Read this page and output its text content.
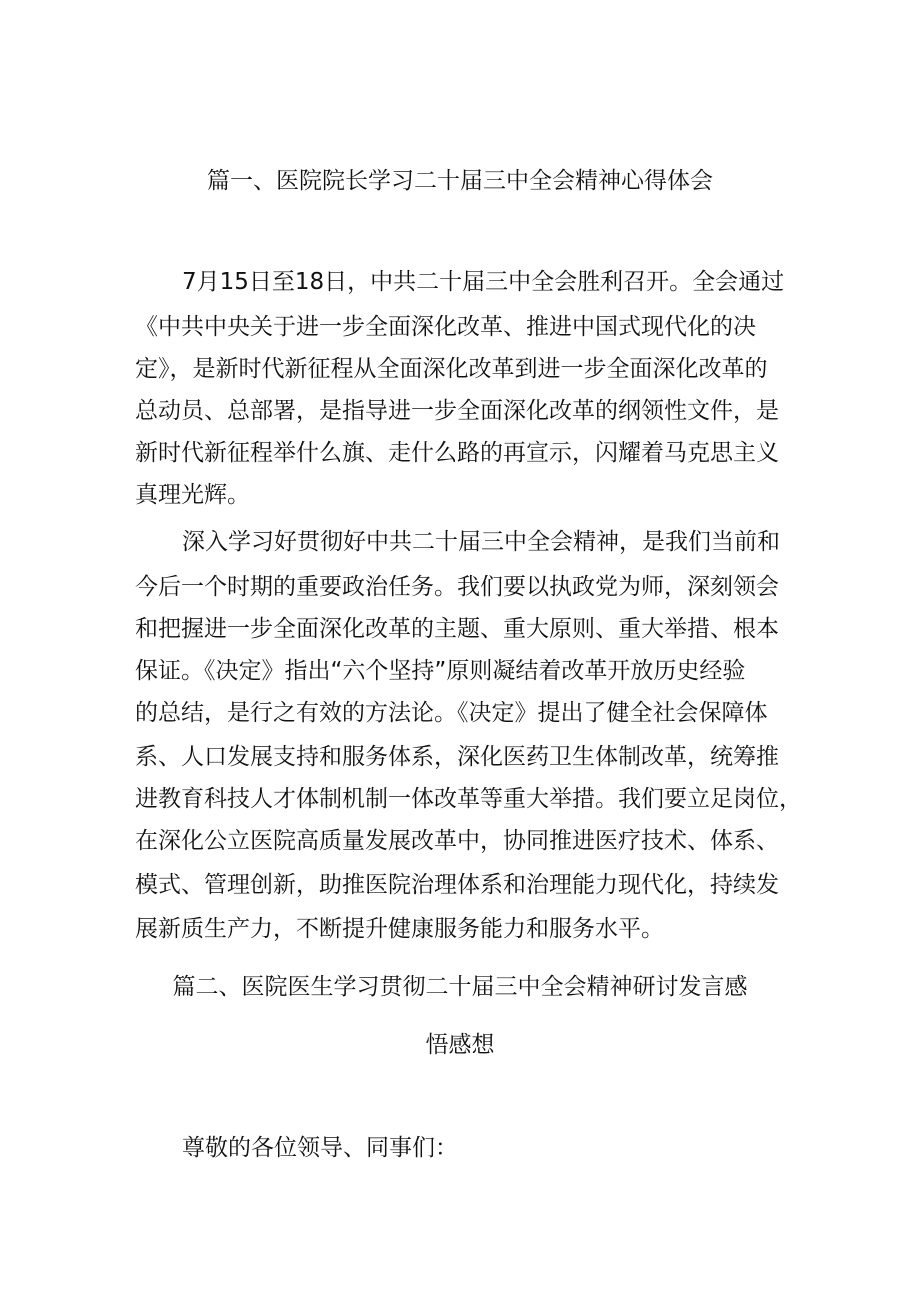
篇一、医院院长学习二十届三中全会精神心得体会
7月15日至18日，中共二十届三中全会胜利召开。全会通过
《中共中央关于进一步全面深化改革、推进中国式现代化的决
定》，是新时代新征程从全面深化改革到进一步全面深化改革的
总动员、总部署，是指导进一步全面深化改革的纲领性文件，是
新时代新征程举什么旗、走什么路的再宣示，闪耀着马克思主义
真理光辉。
深入学习好贯彻好中共二十届三中全会精神，是我们当前和
今后一个时期的重要政治任务。我们要以执政党为师，深刻领会
和把握进一步全面深化改革的主题、重大原则、重大举措、根本
保证。《决定》指出“六个坚持”原则凝结着改革开放历史经验
的总结，是行之有效的方法论。《决定》提出了健全社会保障体
系、人口发展支持和服务体系，深化医药卫生体制改革，统筹推
进教育科技人才体制机制一体改革等重大举措。我们要立足岗位，
在深化公立医院高质量发展改革中，协同推进医疗技术、体系、
模式、管理创新，助推医院治理体系和治理能力现代化，持续发
展新质生产力，不断提升健康服务能力和服务水平。
篇二、医院医生学习贯彻二十届三中全会精神研讨发言感
悟感想
尊敬的各位领导、同事们：
